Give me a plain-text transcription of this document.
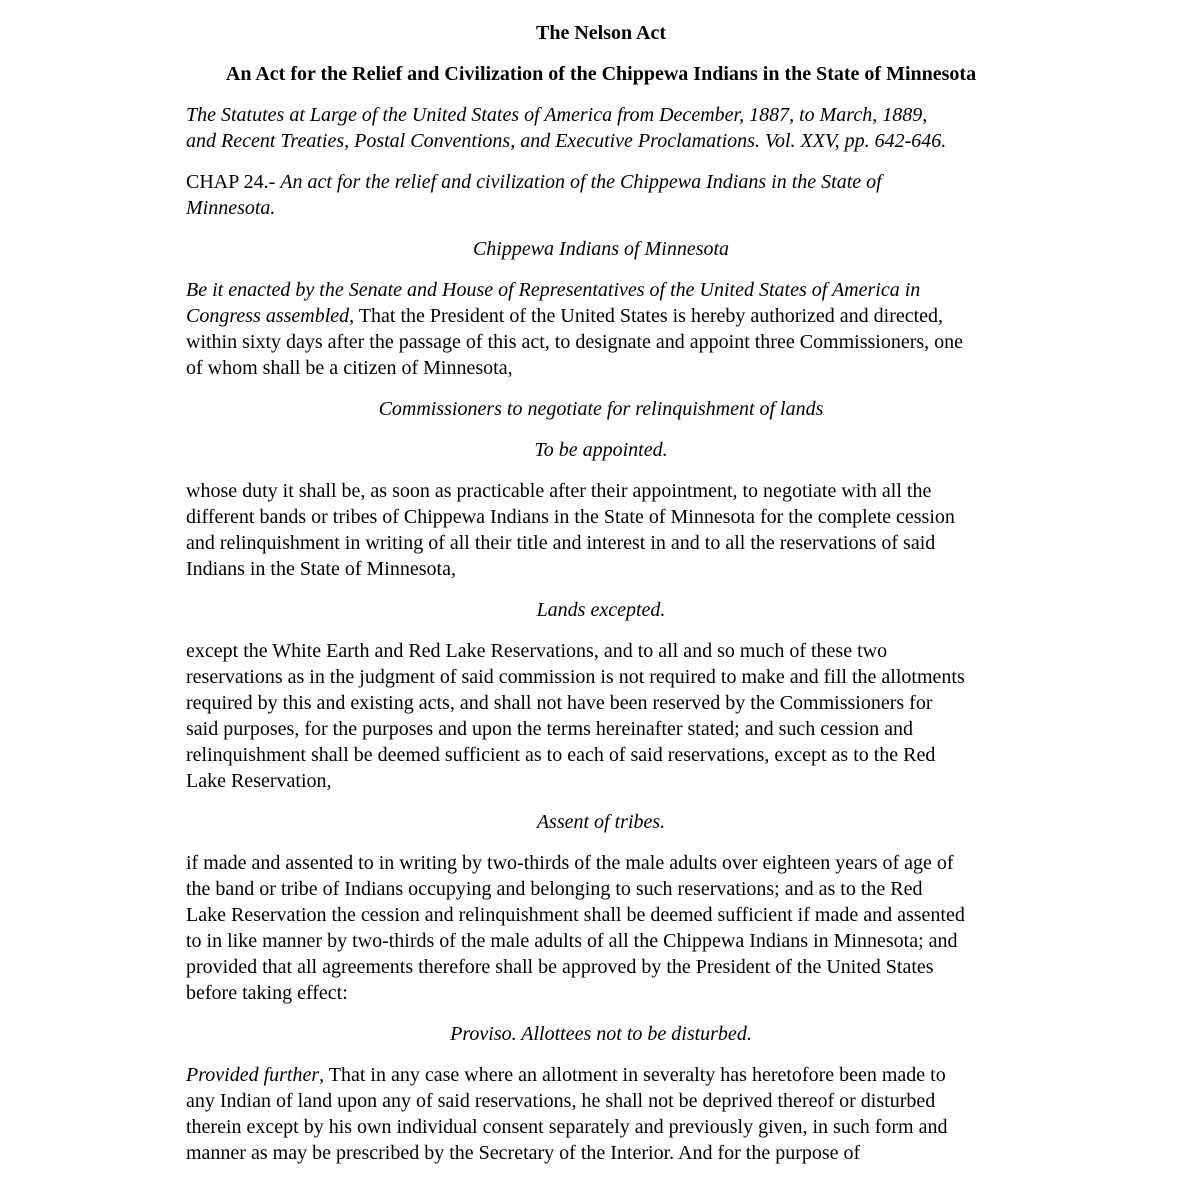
The Nelson Act
An Act for the Relief and Civilization of the Chippewa Indians in the State of Minnesota
The Statutes at Large of the United States of America from December, 1887, to March, 1889,
and Recent Treaties, Postal Conventions, and Executive Proclamations. Vol. XXV, pp. 642-646.
CHAP 24.- An act for the relief and civilization of the Chippewa Indians in the State of
Minnesota.
Chippewa Indians of Minnesota
Be it enacted by the Senate and House of Representatives of the United States of America in
Congress assembled, That the President of the United States is hereby authorized and directed,
within sixty days after the passage of this act, to designate and appoint three Commissioners, one
of whom shall be a citizen of Minnesota,
Commissioners to negotiate for relinquishment of lands
To be appointed.
whose duty it shall be, as soon as practicable after their appointment, to negotiate with all the
different bands or tribes of Chippewa Indians in the State of Minnesota for the complete cession
and relinquishment in writing of all their title and interest in and to all the reservations of said
Indians in the State of Minnesota,
Lands excepted.
except the White Earth and Red Lake Reservations, and to all and so much of these two
reservations as in the judgment of said commission is not required to make and fill the allotments
required by this and existing acts, and shall not have been reserved by the Commissioners for
said purposes, for the purposes and upon the terms hereinafter stated; and such cession and
relinquishment shall be deemed sufficient as to each of said reservations, except as to the Red
Lake Reservation,
Assent of tribes.
if made and assented to in writing by two-thirds of the male adults over eighteen years of age of
the band or tribe of Indians occupying and belonging to such reservations; and as to the Red
Lake Reservation the cession and relinquishment shall be deemed sufficient if made and assented
to in like manner by two-thirds of the male adults of all the Chippewa Indians in Minnesota; and
provided that all agreements therefore shall be approved by the President of the United States
before taking effect:
Proviso. Allottees not to be disturbed.
Provided further, That in any case where an allotment in severalty has heretofore been made to
any Indian of land upon any of said reservations, he shall not be deprived thereof or disturbed
therein except by his own individual consent separately and previously given, in such form and
manner as may be prescribed by the Secretary of the Interior. And for the purpose of
